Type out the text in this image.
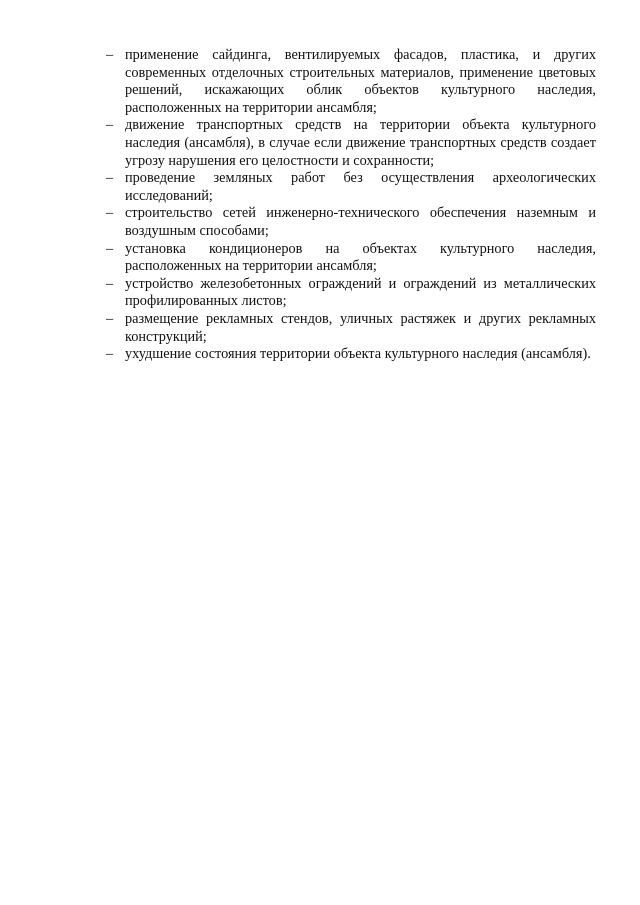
– применение сайдинга, вентилируемых фасадов, пластика, и других современных отделочных строительных материалов, применение цветовых решений, искажающих облик объектов культурного наследия, расположенных на территории ансамбля;
– движение транспортных средств на территории объекта культурного наследия (ансамбля), в случае если движение транспортных средств создает угрозу нарушения его целостности и сохранности;
– проведение земляных работ без осуществления археологических исследований;
– строительство сетей инженерно-технического обеспечения наземным и воздушным способами;
– установка кондиционеров на объектах культурного наследия, расположенных на территории ансамбля;
– устройство железобетонных ограждений и ограждений из металлических профилированных листов;
– размещение рекламных стендов, уличных растяжек и других рекламных конструкций;
– ухудшение состояния территории объекта культурного наследия (ансамбля).
